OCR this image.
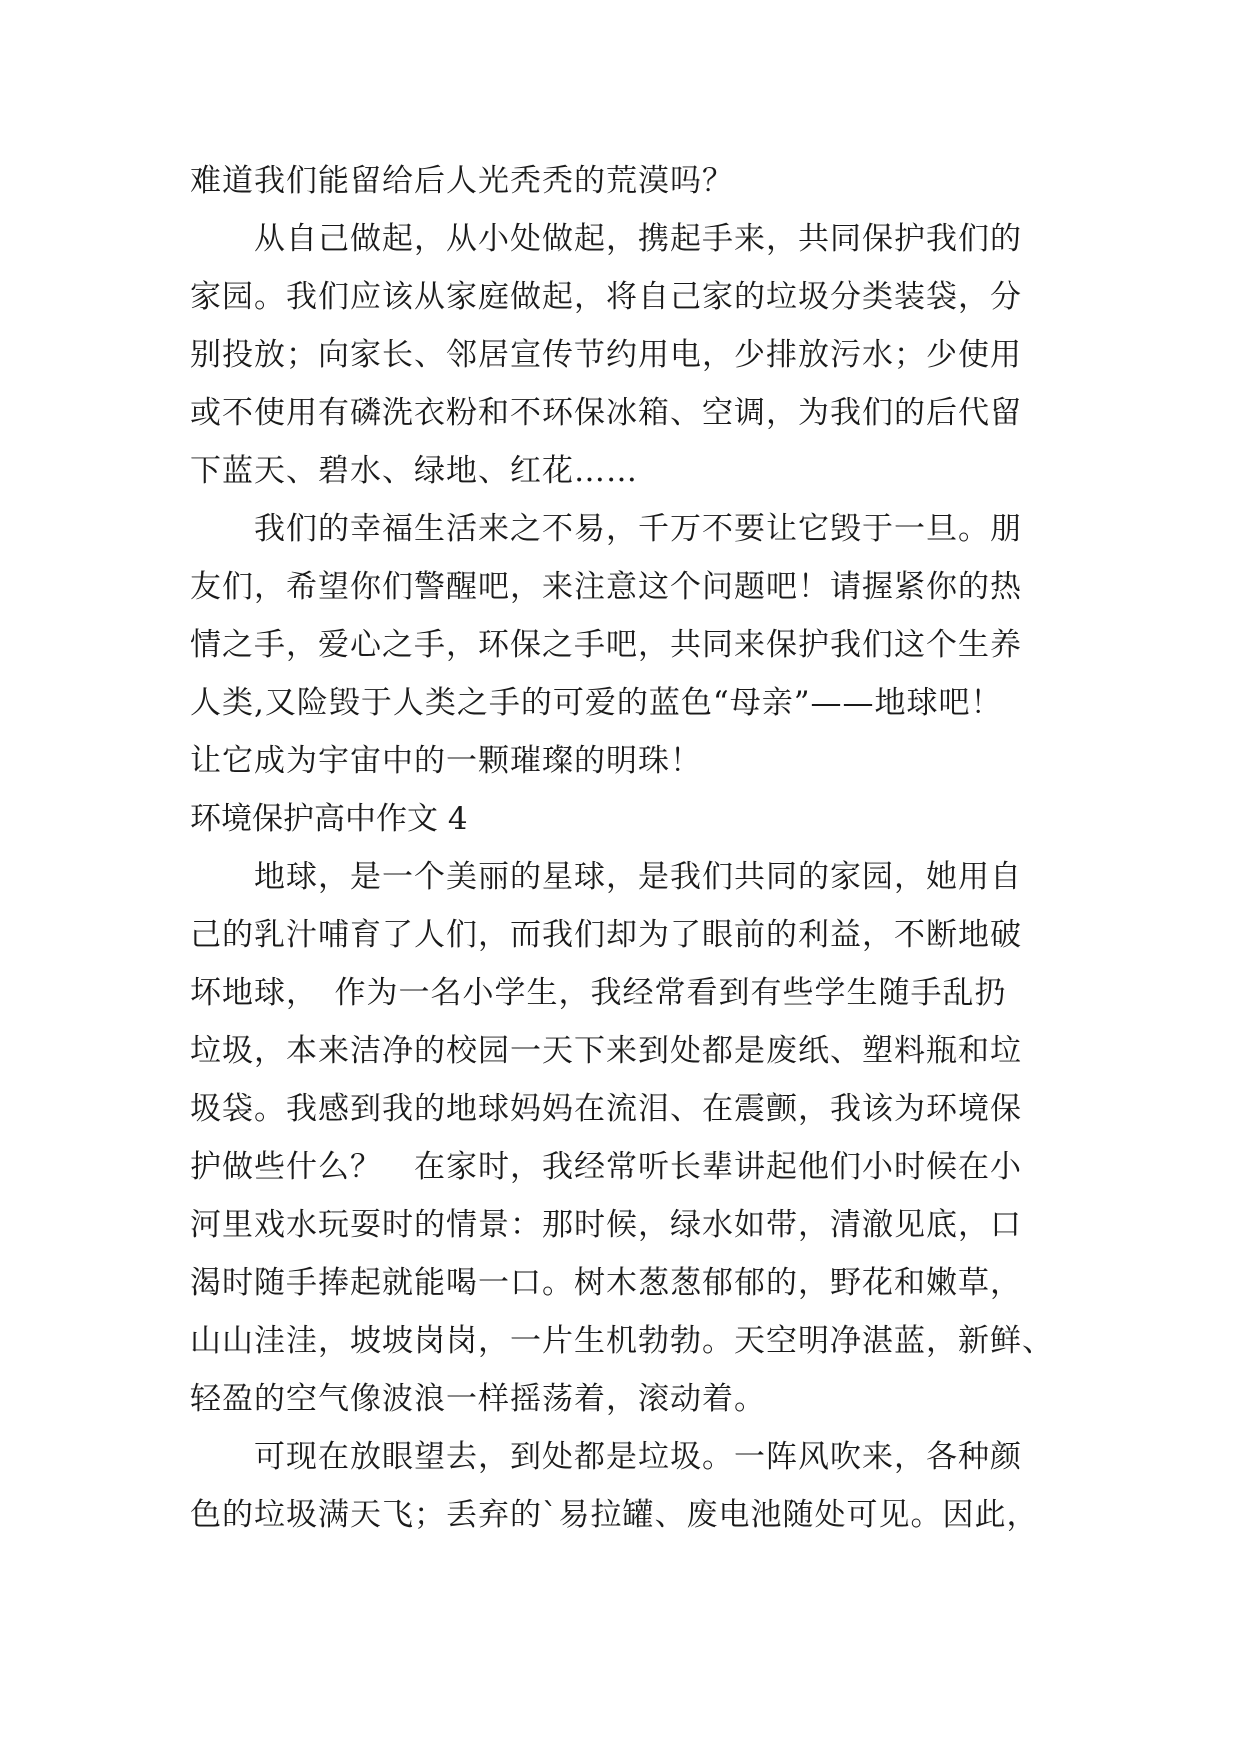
难道我们能留给后人光秃秃的荒漠吗？
　　从自己做起，从小处做起，携起手来，共同保护我们的
家园。我们应该从家庭做起，将自己家的垃圾分类装袋，分
别投放；向家长、邻居宣传节约用电，少排放污水；少使用
或不使用有磷洗衣粉和不环保冰箱、空调，为我们的后代留
下蓝天、碧水、绿地、红花……
　　我们的幸福生活来之不易，千万不要让它毁于一旦。朋
友们，希望你们警醒吧，来注意这个问题吧！请握紧你的热
情之手，爱心之手，环保之手吧，共同来保护我们这个生养
人类,又险毁于人类之手的可爱的蓝色“母亲”——地球吧！
让它成为宇宙中的一颗璀璨的明珠！
环境保护高中作文 4
　　地球，是一个美丽的星球，是我们共同的家园，她用自
己的乳汁哺育了人们，而我们却为了眼前的利益，不断地破
坏地球，　作为一名小学生，我经常看到有些学生随手乱扔
垃圾，本来洁净的校园一天下来到处都是废纸、塑料瓶和垃
圾袋。我感到我的地球妈妈在流泪、在震颤，我该为环境保
护做些什么？　在家时，我经常听长辈讲起他们小时候在小
河里戏水玩耍时的情景：那时候，绿水如带，清澈见底，口
渴时随手捧起就能喝一口。树木葱葱郁郁的，野花和嫩草，
山山洼洼，坡坡岗岗，一片生机勃勃。天空明净湛蓝，新鲜、
轻盈的空气像波浪一样摇荡着，滚动着。
　　可现在放眼望去，到处都是垃圾。一阵风吹来，各种颜
色的垃圾满天飞；丢弃的`易拉罐、废电池随处可见。因此，
